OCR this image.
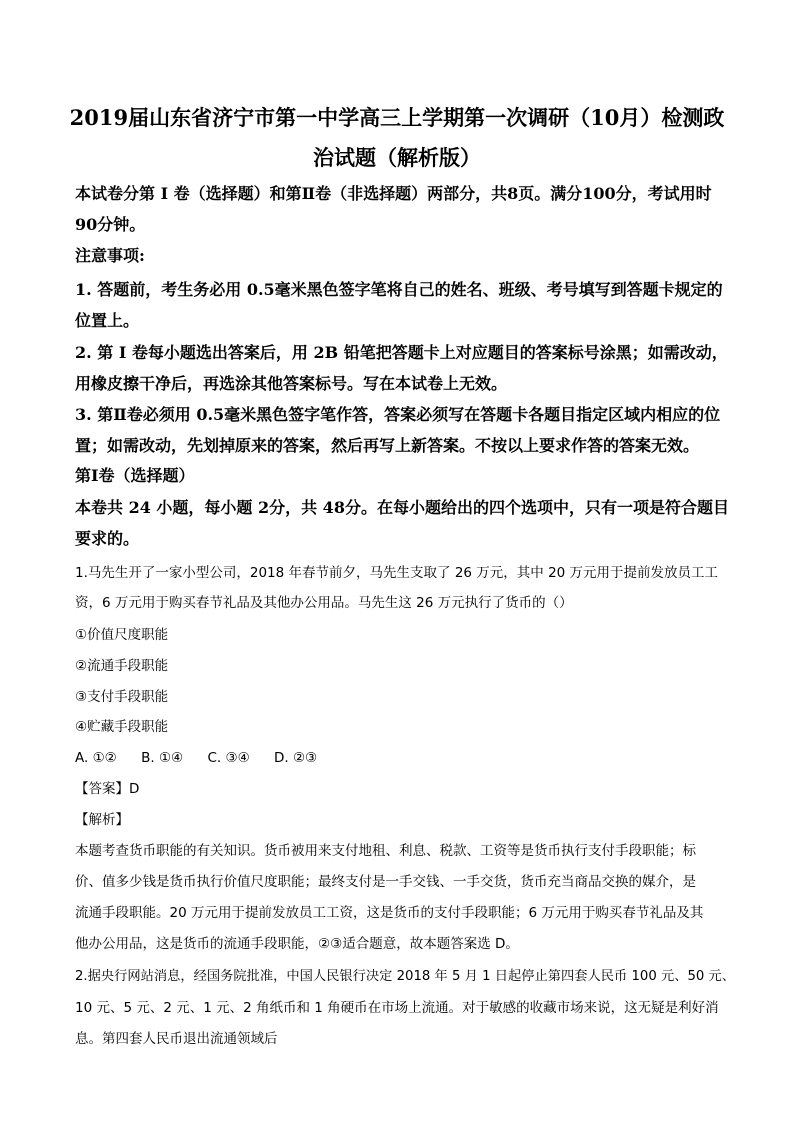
2019届山东省济宁市第一中学高三上学期第一次调研（10月）检测政
治试题（解析版）
本试卷分第 Ⅰ 卷（选择题）和第Ⅱ卷（非选择题）两部分，共8页。满分100分，考试用时
90分钟。
注意事项:
1. 答题前，考生务必用 0.5毫米黑色签字笔将自己的姓名、班级、考号填写到答题卡规定的
位置上。
2. 第 Ⅰ 卷每小题选出答案后，用 2B 铅笔把答题卡上对应题目的答案标号涂黑；如需改动，
用橡皮擦干净后，再选涂其他答案标号。写在本试卷上无效。
3. 第Ⅱ卷必须用 0.5毫米黑色签字笔作答，答案必须写在答题卡各题目指定区域内相应的位
置；如需改动，先划掉原来的答案，然后再写上新答案。不按以上要求作答的答案无效。
第Ⅰ卷（选择题）
本卷共 24 小题，每小题 2分，共 48分。在每小题给出的四个选项中，只有一项是符合题目
要求的。
1.马先生开了一家小型公司，2018 年春节前夕，马先生支取了 26 万元，其中 20 万元用于提前发放员工工
资，6 万元用于购买春节礼品及其他办公用品。马先生这 26 万元执行了货币的（）
①价值尺度职能
②流通手段职能
③支付手段职能
④贮藏手段职能
A. ①② B. ①④ C. ③④ D. ②③
【答案】D
【解析】
本题考查货币职能的有关知识。货币被用来支付地租、利息、税款、工资等是货币执行支付手段职能；标
价、值多少钱是货币执行价值尺度职能；最终支付是一手交钱、一手交货，货币充当商品交换的媒介，是
流通手段职能。20 万元用于提前发放员工工资，这是货币的支付手段职能；6 万元用于购买春节礼品及其
他办公用品，这是货币的流通手段职能，②③适合题意，故本题答案选 D。
2.据央行网站消息，经国务院批准，中国人民银行决定 2018 年 5 月 1 日起停止第四套人民币 100 元、50 元、
10 元、5 元、2 元、1 元、2 角纸币和 1 角硬币在市场上流通。对于敏感的收藏市场来说，这无疑是利好消
息。第四套人民币退出流通领域后
